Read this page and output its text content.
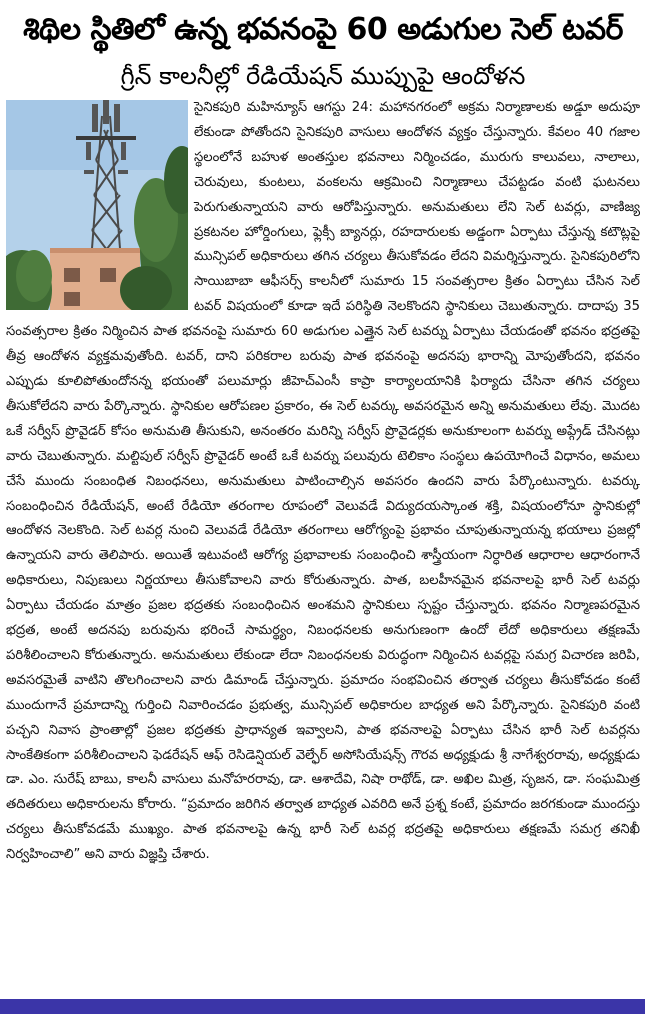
శిథిల స్థితిలో ఉన్న భవనంపై 60 అడుగుల సెల్ టవర్
గ్రీన్ కాలనీల్లో రేడియేషన్ ముప్పుపై ఆందోళన
సైనికపురి మహిన్యూస్ ఆగస్టు 24: మహానగరంలో అక్రమ నిర్మాణాలకు అడ్డూ అదుపూ లేకుండా పోతోందని సైనికపురి వాసులు ఆందోళన వ్యక్తం చేస్తున్నారు. కేవలం 40 గజాల స్థలంలోనే బహుళ అంతస్తుల భవనాలు నిర్మించడం, మురుగు కాలువలు, నాలాలు, చెరువులు, కుంటలు, వంకలను ఆక్రమించి నిర్మాణాలు చేపట్టడం వంటి ఘటనలు పెరుగుతున్నాయని వారు ఆరోపిస్తున్నారు. అనుమతులు లేని సెల్ టవర్లు, వాణిజ్య ప్రకటనల హోర్డింగులు, ఫ్లెక్సీ బ్యానర్లు, రహదారులకు అడ్డంగా ఏర్పాటు చేస్తున్న కటౌట్లపై మున్సిపల్ అధికారులు తగిన చర్యలు తీసుకోవడం లేదని విమర్శిస్తున్నారు. సైనికపురిలోని సాయిబాబా ఆఫీసర్స్ కాలనీలో సుమారు 15 సంవత్సరాల క్రితం ఏర్పాటు చేసిన సెల్ టవర్ విషయంలో కూడా ఇదే పరిస్థితి నెలకొందని స్థానికులు చెబుతున్నారు. దాదాపు 35 సంవత్సరాల క్రితం నిర్మించిన పాత భవనంపై సుమారు 60 అడుగుల ఎత్తైన సెల్ టవర్ను ఏర్పాటు చేయడంతో భవనం భద్రతపై తీవ్ర ఆందోళన వ్యక్తమవుతోంది. టవర్, దాని పరికరాల బరువు పాత భవనంపై అదనపు భారాన్ని మోపుతోందని, భవనం ఎప్పుడు కూలిపోతుందోనన్న భయంతో పలుమార్లు జీహెచ్ఎంసీ కాప్రా కార్యాలయానికి ఫిర్యాదు చేసినా తగిన చర్యలు తీసుకోలేదని వారు పేర్కొన్నారు. స్థానికుల ఆరోపణల ప్రకారం, ఈ సెల్ టవర్కు అవసరమైన అన్ని అనుమతులు లేవు. మొదట ఒకే సర్వీస్ ప్రొవైడర్ కోసం అనుమతి తీసుకుని, అనంతరం మరిన్ని సర్వీస్ ప్రొవైడర్లకు అనుకూలంగా టవర్ను అప్గ్రేడ్ చేసినట్లు వారు చెబుతున్నారు. మల్టిపుల్ సర్వీస్ ప్రొవైడర్ అంటే ఒకే టవర్ను పలువురు టెలికాం సంస్థలు ఉపయోగించే విధానం, అమలు చేసే ముందు సంబంధిత నిబంధనలు, అనుమతులు పాటించాల్సిన అవసరం ఉందని వారు పేర్కొంటున్నారు. టవర్కు సంబంధించిన రేడియేషన్, అంటే రేడియో తరంగాల రూపంలో వెలువడే విద్యుదయస్కాంత శక్తి, విషయంలోనూ స్థానికుల్లో ఆందోళన నెలకొంది. సెల్ టవర్ల నుంచి వెలువడే రేడియో తరంగాలు ఆరోగ్యంపై ప్రభావం చూపుతున్నాయన్న భయాలు ప్రజల్లో ఉన్నాయని వారు తెలిపారు. అయితే ఇటువంటి ఆరోగ్య ప్రభావాలకు సంబంధించి శాస్త్రీయంగా నిర్ధారిత ఆధారాల ఆధారంగానే అధికారులు, నిపుణులు నిర్ణయాలు తీసుకోవాలని వారు కోరుతున్నారు. పాత, బలహీనమైన భవనాలపై భారీ సెల్ టవర్లు ఏర్పాటు చేయడం మాత్రం ప్రజల భద్రతకు సంబంధించిన అంశమని స్థానికులు స్పష్టం చేస్తున్నారు. భవనం నిర్మాణపరమైన భద్రత, అంటే అదనపు బరువును భరించే సామర్థ్యం, నిబంధనలకు అనుగుణంగా ఉందో లేదో అధికారులు తక్షణమే పరిశీలించాలని కోరుతున్నారు. అనుమతులు లేకుండా లేదా నిబంధనలకు విరుద్ధంగా నిర్మించిన టవర్లపై సమగ్ర విచారణ జరిపి, అవసరమైతే వాటిని తొలగించాలని వారు డిమాండ్ చేస్తున్నారు. ప్రమాదం సంభవించిన తర్వాత చర్యలు తీసుకోవడం కంటే ముందుగానే ప్రమాదాన్ని గుర్తించి నివారించడం ప్రభుత్వ, మున్సిపల్ అధికారుల బాధ్యత అని పేర్కొన్నారు. సైనికపురి వంటి పచ్చని నివాస ప్రాంతాల్లో ప్రజల భద్రతకు ప్రాధాన్యత ఇవ్వాలని, పాత భవనాలపై ఏర్పాటు చేసిన భారీ సెల్ టవర్లను సాంకేతికంగా పరిశీలించాలని ఫెడరేషన్ ఆఫ్ రెసిడెన్షియల్ వెల్ఫేర్ అసోసియేషన్స్ గౌరవ అధ్యక్షుడు శ్రీ నాగేశ్వరరావు, అధ్యక్షుడు డా. ఎం. సురేష్ బాబు, కాలనీ వాసులు మనోహరరావు, డా. ఆశాదేవి, నిషా రాథోడ్, డా. అఖిల మిత్ర, సృజన, డా. సంఘమిత్ర తదితరులు అధికారులను కోరారు. “ప్రమాదం జరిగిన తర్వాత బాధ్యత ఎవరిది అనే ప్రశ్న కంటే, ప్రమాదం జరగకుండా ముందస్తు చర్యలు తీసుకోవడమే ముఖ్యం. పాత భవనాలపై ఉన్న భారీ సెల్ టవర్ల భద్రతపై అధికారులు తక్షణమే సమగ్ర తనిఖీ నిర్వహించాలి” అని వారు విజ్ఞప్తి చేశారు.
